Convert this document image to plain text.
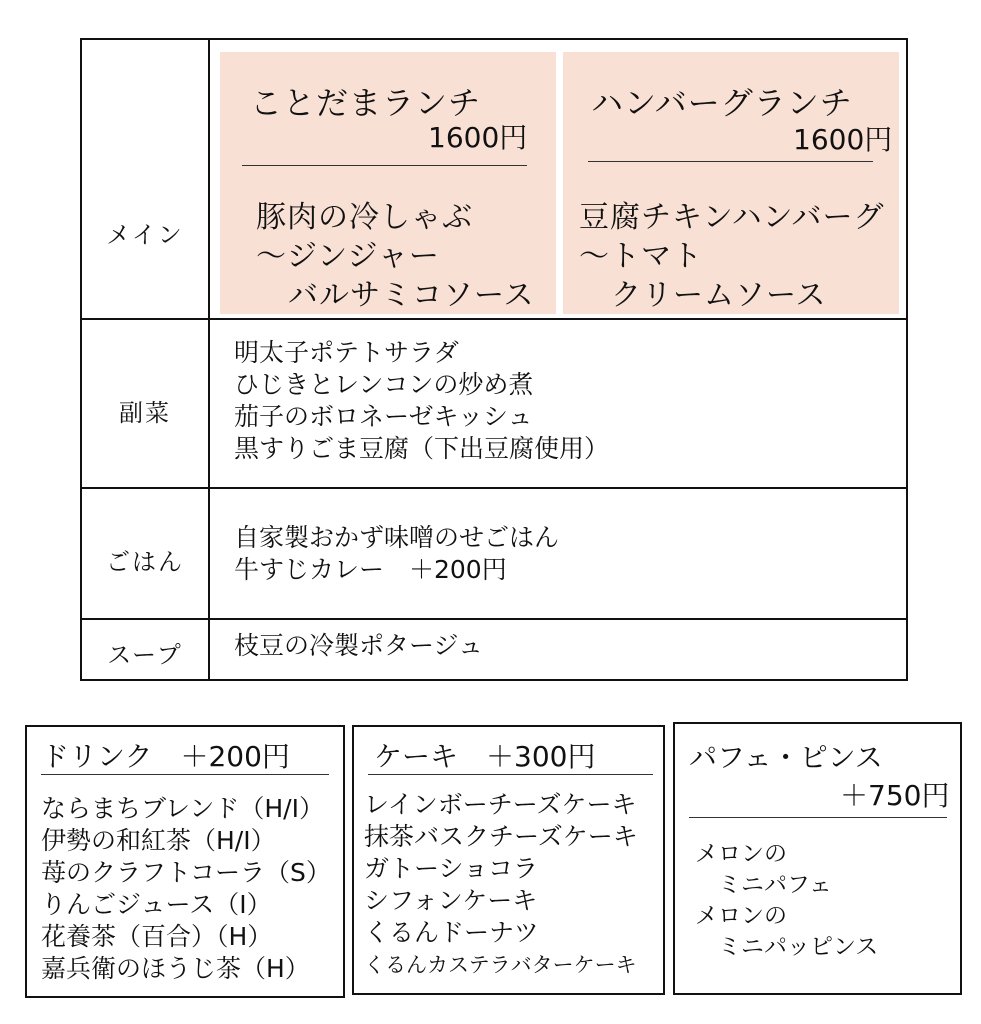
メイン
副菜
ごはん
スープ
ことだまランチ
1600円
豚肉の冷しゃぶ
～ジンジャー
バルサミコソース
ハンバーグランチ
1600円
豆腐チキンハンバーグ
～トマト
クリームソース
明太子ポテトサラダ
ひじきとレンコンの炒め煮
茄子のボロネーゼキッシュ
黒すりごま豆腐（下出豆腐使用）
自家製おかず味噌のせごはん
牛すじカレー　＋200円
枝豆の冷製ポタージュ
ドリンク　＋200円
ならまちブレンド（H/I）
伊勢の和紅茶（H/I）
苺のクラフトコーラ（S）
りんごジュース（I）
花養茶（百合）（H）
嘉兵衛のほうじ茶（H）
ケーキ　＋300円
レインボーチーズケーキ
抹茶バスクチーズケーキ
ガトーショコラ
シフォンケーキ
くるんドーナツ
くるんカステラバターケーキ
パフェ・ピンス
＋750円
メロンの
　ミニパフェ
メロンの
　ミニパッピンス
